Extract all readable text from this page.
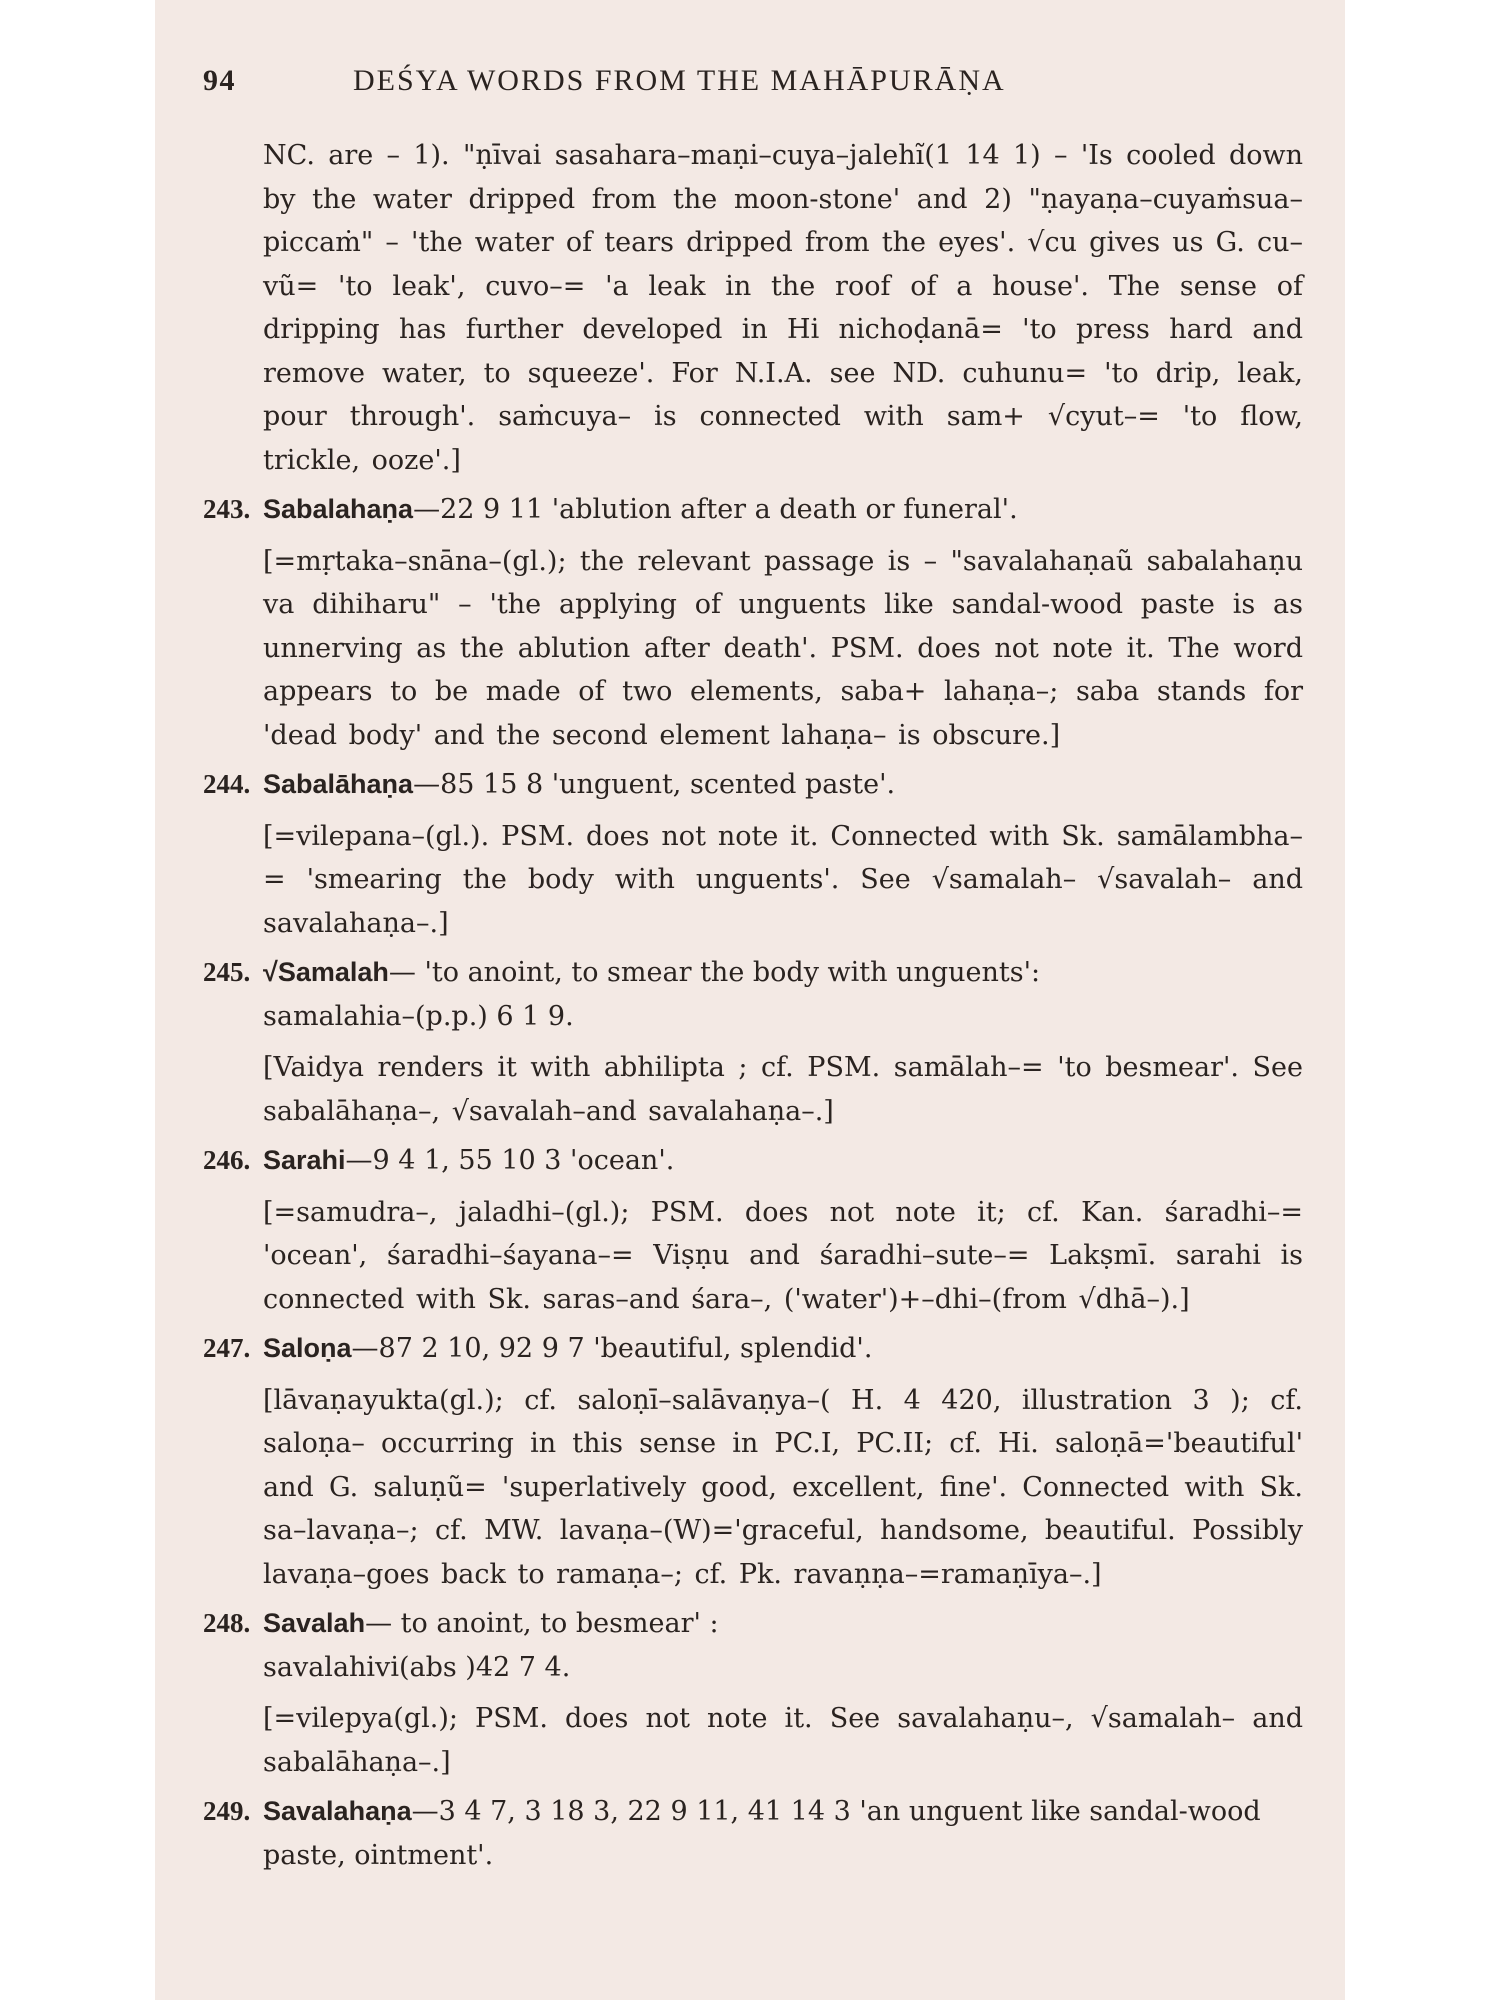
94	DEŚYA WORDS FROM THE MAHĀPURĀṆA

NC. are – 1). "ṇīvai sasahara–maṇi–cuya–jalehĩ(1 14 1) – 'Is cooled down by the water dripped from the moon-stone' and 2) "ṇayaṇa–cuyaṁsua–piccaṁ" – 'the water of tears dripped from the eyes'. √cu gives us G. cu–vũ= 'to leak', cuvo–= 'a leak in the roof of a house'. The sense of dripping has further developed in Hi nichoḍanā= 'to press hard and remove water, to squeeze'. For N.I.A. see ND. cuhunu= 'to drip, leak, pour through'. saṁcuya– is connected with sam+ √cyut–= 'to flow, trickle, ooze'.]

243. Sabalahaṇa—22 9 11 'ablution after a death or funeral'.

[=mṛtaka–snāna–(gl.); the relevant passage is – "savalahaṇaũ sabalahaṇu va dihiharu" – 'the applying of unguents like sandal-wood paste is as unnerving as the ablution after death'. PSM. does not note it. The word appears to be made of two elements, saba+ lahaṇa–; saba stands for 'dead body' and the second element lahaṇa– is obscure.]

244. Sabalāhaṇa—85 15 8 'unguent, scented paste'.

[=vilepana–(gl.). PSM. does not note it. Connected with Sk. samālambha–= 'smearing the body with unguents'. See √samalah– √savalah– and savalahaṇa–.]

245. √Samalah— 'to anoint, to smear the body with unguents':
samalahia–(p.p.) 6 1 9.

[Vaidya renders it with abhilipta ; cf. PSM. samālah–= 'to besmear'. See sabalāhaṇa–, √savalah–and savalahaṇa–.]

246. Sarahi—9 4 1, 55 10 3 'ocean'.

[=samudra–, jaladhi–(gl.); PSM. does not note it; cf. Kan. śaradhi–= 'ocean', śaradhi–śayana–= Viṣṇu and śaradhi–sute–= Lakṣmī. sarahi is connected with Sk. saras–and śara–, ('water')+–dhi–(from √dhā–).]

247. Saloṇa—87 2 10, 92 9 7 'beautiful, splendid'.

[lāvaṇayukta(gl.); cf. saloṇī–salāvaṇya–( H. 4 420, illustration 3 ); cf. saloṇa– occurring in this sense in PC.I, PC.II; cf. Hi. saloṇā='beautiful' and G. saluṇũ= 'superlatively good, excellent, fine'. Connected with Sk. sa–lavaṇa–; cf. MW. lavaṇa–(W)='graceful, handsome, beautiful. Possibly lavaṇa–goes back to ramaṇa–; cf. Pk. ravaṇṇa–=ramaṇīya–.]

248. Savalah— to anoint, to besmear' :
savalahivi(abs )42 7 4.

[=vilepya(gl.); PSM. does not note it. See savalahaṇu–, √samalah– and sabalāhaṇa–.]

249. Savalahaṇa—3 4 7, 3 18 3, 22 9 11, 41 14 3 'an unguent like sandal-wood paste, ointment'.
